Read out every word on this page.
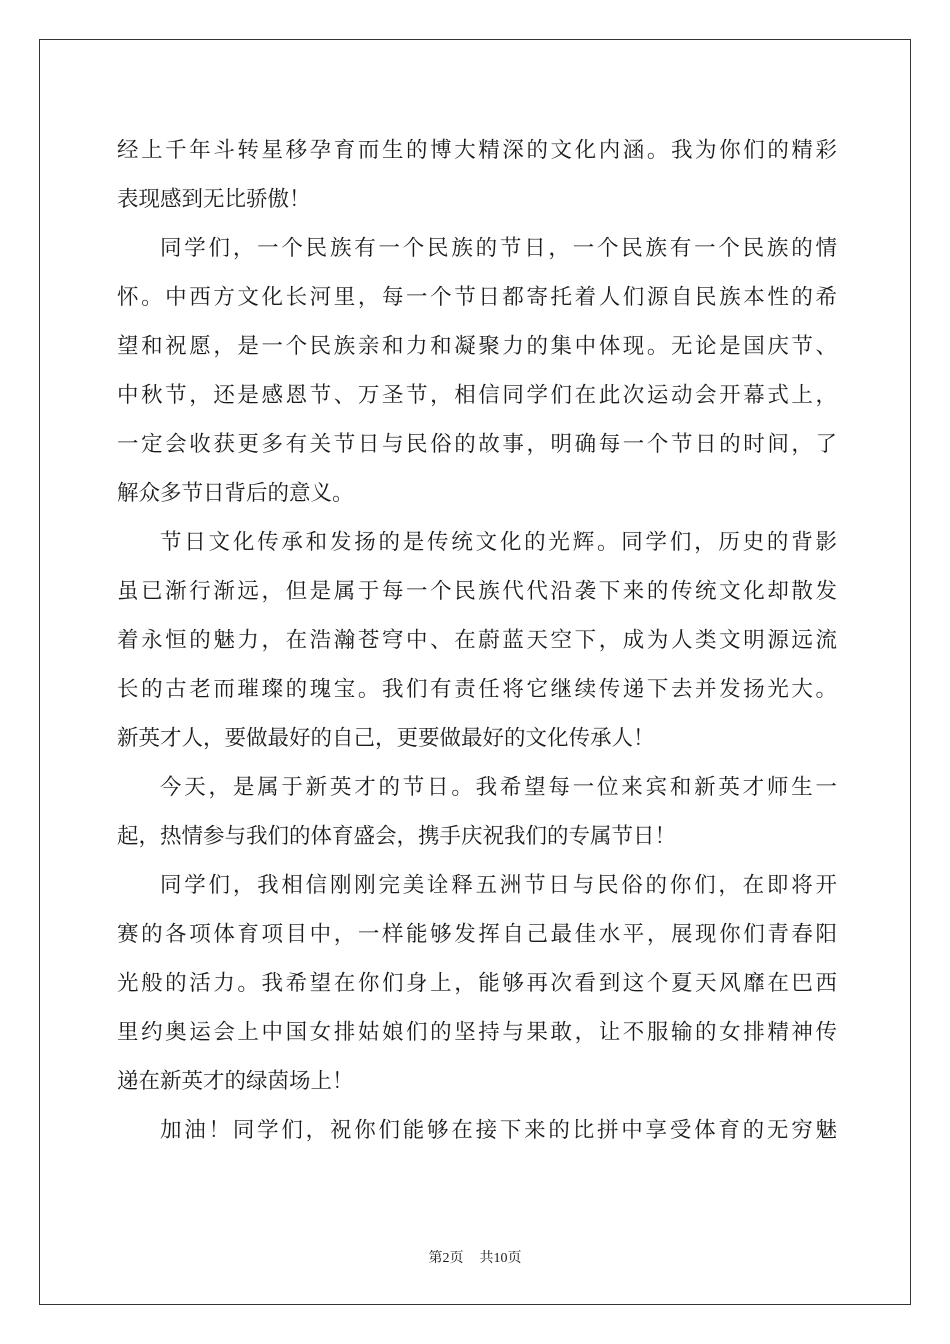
经上千年斗转星移孕育而生的博大精深的文化内涵。我为你们的精彩
表现感到无比骄傲！
同学们，一个民族有一个民族的节日，一个民族有一个民族的情
怀。中西方文化长河里，每一个节日都寄托着人们源自民族本性的希
望和祝愿，是一个民族亲和力和凝聚力的集中体现。无论是国庆节、
中秋节，还是感恩节、万圣节，相信同学们在此次运动会开幕式上，
一定会收获更多有关节日与民俗的故事，明确每一个节日的时间，了
解众多节日背后的意义。
节日文化传承和发扬的是传统文化的光辉。同学们，历史的背影
虽已渐行渐远，但是属于每一个民族代代沿袭下来的传统文化却散发
着永恒的魅力，在浩瀚苍穹中、在蔚蓝天空下，成为人类文明源远流
长的古老而璀璨的瑰宝。我们有责任将它继续传递下去并发扬光大。
新英才人，要做最好的自己，更要做最好的文化传承人！
今天，是属于新英才的节日。我希望每一位来宾和新英才师生一
起，热情参与我们的体育盛会，携手庆祝我们的专属节日！
同学们，我相信刚刚完美诠释五洲节日与民俗的你们，在即将开
赛的各项体育项目中，一样能够发挥自己最佳水平，展现你们青春阳
光般的活力。我希望在你们身上，能够再次看到这个夏天风靡在巴西
里约奥运会上中国女排姑娘们的坚持与果敢，让不服输的女排精神传
递在新英才的绿茵场上！
加油！同学们，祝你们能够在接下来的比拼中享受体育的无穷魅
第2页 共10页
